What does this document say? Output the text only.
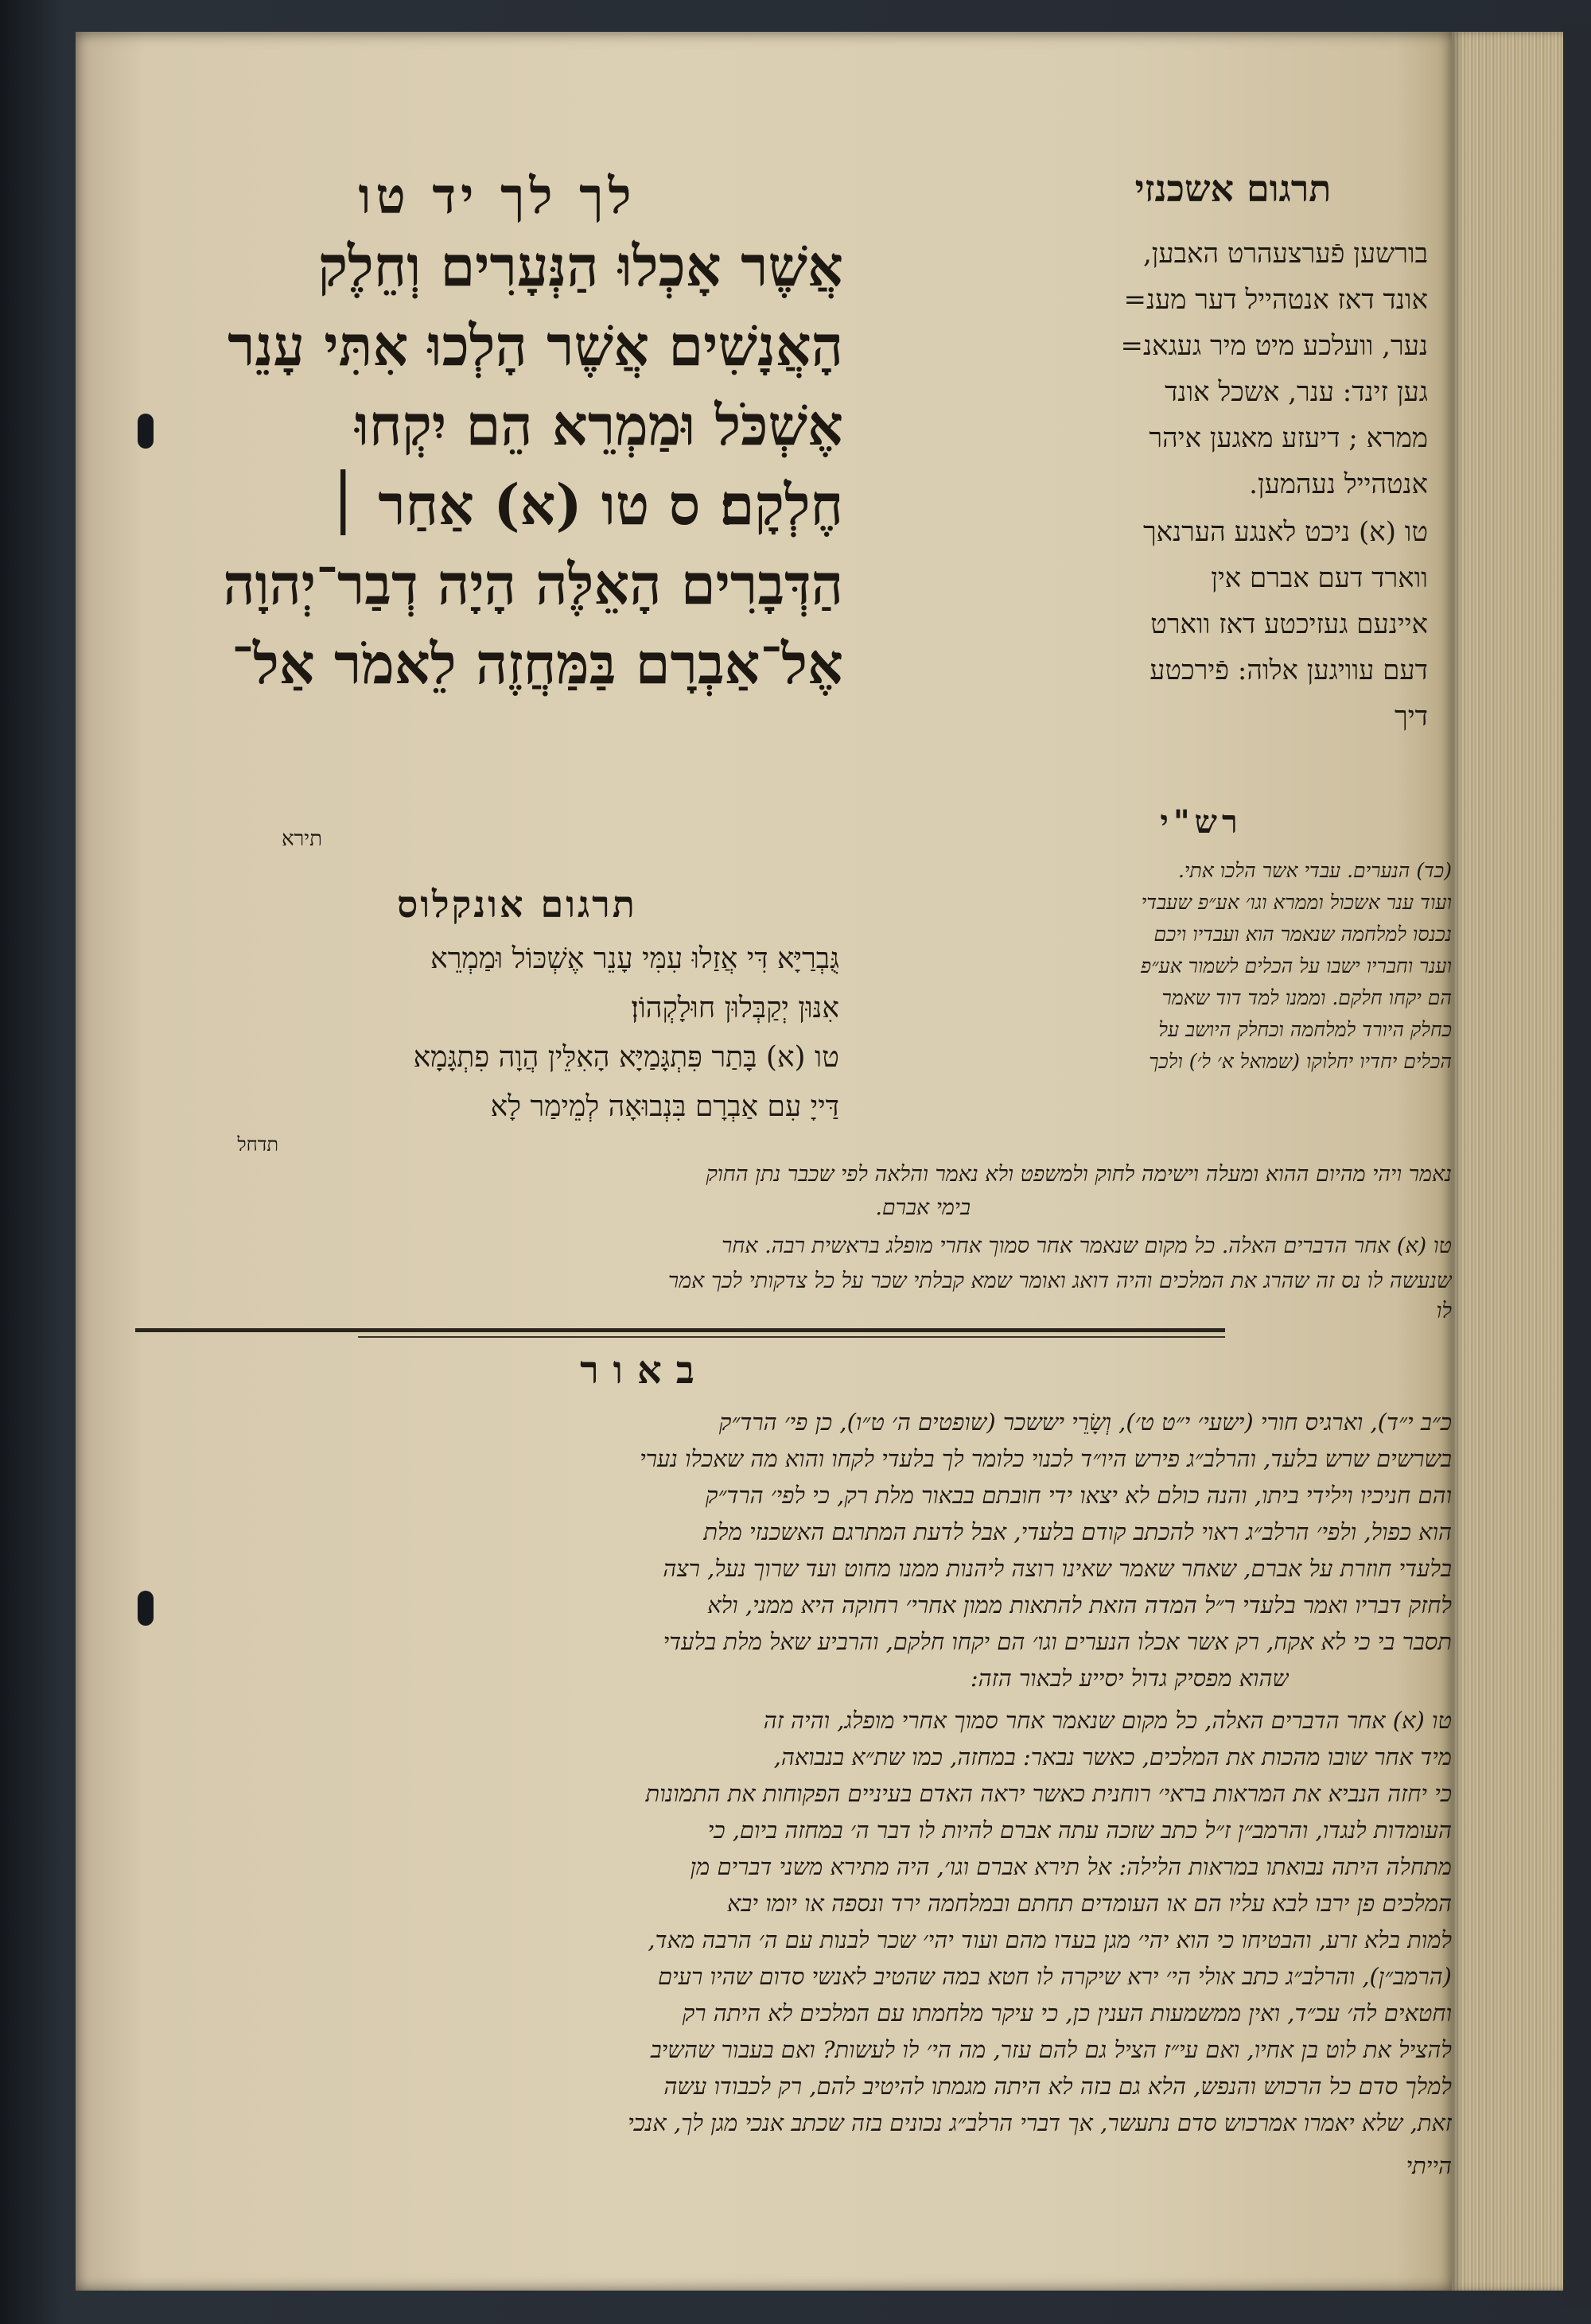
לך לך יד טו
אֲשֶׁר אָכְלוּ הַנְּעָרִים וְחֵלֶק
הָאֲנָשִׁים אֲשֶׁר הָלְכוּ אִתִּי עָנֵר
אֶשְׁכֹּל וּמַמְרֵא הֵם יִקְחוּ
חֶלְקָם׃ ס טו (א) אַחַר ׀
הַדְּבָרִים הָאֵלֶּה הָיָה דְבַר־יְהוָה
אֶל־אַבְרָם בַּמַּחֲזֶה לֵאמֹר אַל־
תירא
תרגום אשכנזי
בורשען פֿערצעהרט האבען,
אונד דאז אנטהייל דער מענ=
נער, וועלכע מיט מיר געגאנ=
גען זינד: ענר, אשכל אונד
ממרא ; דיעזע מאגען איהר
אנטהייל נעהמען.
טו (א) ניכט לאנגע הערנאך
ווארד דעם אברם אין
איינעם געזיכטע דאז ווארט
דעם עוויגען אלוה: פֿירכטע
דיך
רש"י
(כד) הנערים. עבדי אשר הלכו אתי.
ועוד ענר אשכול וממרא וגו׳ אע״פ שעבדי
נכנסו למלחמה שנאמר הוא ועבדיו ויכם
וענר וחבריו ישבו על הכלים לשמור אע״פ
הם יקחו חלקם. וממנו למד דוד שאמר
כחלק היורד למלחמה וכחלק היושב על
הכלים יחדיו יחלוקו (שמואל א׳ ל׳) ולכך
תרגום אונקלוס
גֻּבְרַיָּא דִּי אֲזַלוּ עִמִּי עָנֵר אֶשְׁכּוֹל וּמַמְרֵא
אִנּוּן יְקַבְּלוּן חוּלָקְהוֹן׃
טו (א) בָּתַר פִּתְגָּמַיָּא הָאִלֵּין הֲוָה פִתְגָּמָא
דַּייָ עִם אַבְרָם בִּנְבוּאָה לְמֵימַר לָא
תדחל
נאמר ויהי מהיום ההוא ומעלה וישימה לחוק ולמשפט ולא נאמר והלאה לפי שכבר נתן החוק
בימי אברם.
טו (א) אחר הדברים האלה. כל מקום שנאמר אחר סמוך אחרי מופלג בראשית רבה. אחר
שנעשה לו נס זה שהרג את המלכים והיה דואג ואומר שמא קבלתי שכר על כל צדקותי לכך אמר
לו
באור
כ״ב י״ד), וארגיס חורי (ישעי׳ י״ט ט׳), וְשָׂרֵי יששכר (שופטים ה׳ ט״ו), כן פי׳ הרד״ק
בשרשים שרש בלעד, והרלב״ג פירש היו״ד לכנוי כלומר לך בלעדי לקחו והוא מה שאכלו נערי
והם חניכיו וילידי ביתו, והנה כולם לא יצאו ידי חובתם בבאור מלת רק, כי לפי׳ הרד״ק
הוא כפול, ולפי׳ הרלב״ג ראוי להכתב קודם בלעדי, אבל לדעת המתרגם האשכנזי מלת
בלעדי חוזרת על אברם, שאחר שאמר שאינו רוצה ליהנות ממנו מחוט ועד שרוך נעל, רצה
לחזק דבריו ואמר בלעדי ר״ל המדה הזאת להתאות ממון אחרי׳ רחוקה היא ממני, ולא
תסבר בי כי לא אקח, רק אשר אכלו הנערים וגו׳ הם יקחו חלקם, והרביע שאל מלת בלעדי
שהוא מפסיק גדול יסייע לבאור הזה:
טו (א) אחר הדברים האלה, כל מקום שנאמר אחר סמוך אחרי מופלג, והיה זה
מיד אחר שובו מהכות את המלכים, כאשר נבאר: במחזה, כמו שת״א בנבואה,
כי יחזה הנביא את המראות בראי׳ רוחנית כאשר יראה האדם בעיניים הפקוחות את התמונות
העומדות לנגדו, והרמב״ן ז״ל כתב שזכה עתה אברם להיות לו דבר ה׳ במחזה ביום, כי
מתחלה היתה נבואתו במראות הלילה: אל תירא אברם וגו׳, היה מתירא משני דברים מן
המלכים פן ירבו לבא עליו הם או העומדים תחתם ובמלחמה ירד ונספה או יומו יבא
למות בלא זרע, והבטיחו כי הוא יהי׳ מגן בעדו מהם ועוד יהי׳ שכר לבנות עם ה׳ הרבה מאד,
(הרמב״ן), והרלב״ג כתב אולי הי׳ ירא שיקרה לו חטא במה שהטיב לאנשי סדום שהיו רעים
וחטאים לה׳ עכ״ד, ואין ממשמעות הענין כן, כי עיקר מלחמתו עם המלכים לא היתה רק
להציל את לוט בן אחיו, ואם עי״ז הציל גם להם עזר, מה הי׳ לו לעשות? ואם בעבור שהשיב
למלך סדם כל הרכוש והנפש, הלא גם בזה לא היתה מגמתו להיטיב להם, רק לכבודו עשה
זאת, שלא יאמרו אמרכוש סדם נתעשר, אך דברי הרלב״ג נכונים בזה שכתב אנכי מגן לך, אנכי
הייתי
